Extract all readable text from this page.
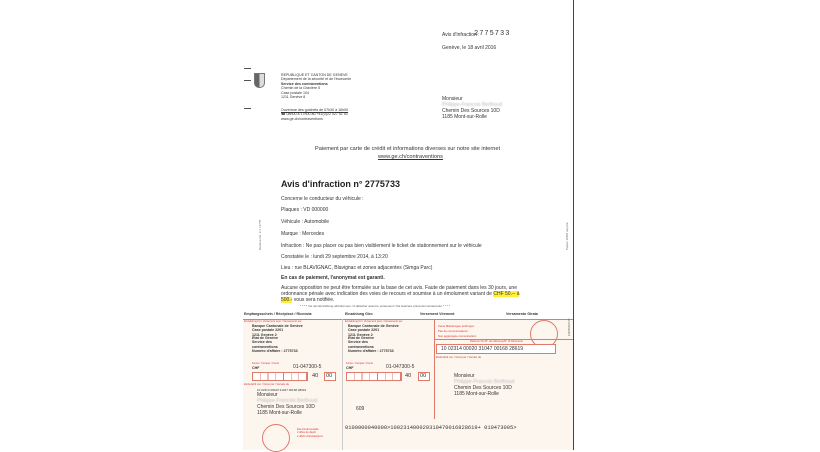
Avis d'infraction :
2775733
Genève, le 18 avril 2016
REPUBLIQUE ET CANTON DE GENEVE
Département de la sécurité et de l'économie
Service des contraventions
Chemin de la Gravière 5
Case postale 104
1211 Genève 8
Ouverture des guichets de 07h30 à 16h00
☎ 08h00 à 17h00 au +41(0)22 427 51 51
www.ge.ch/contraventions
Monsieur
Philippe-Francois Berthoud
Chemin Des Sources 10D
1185 Mont-sur-Rolle
Paiement par carte de crédit et informations diverses sur notre site internet
www.ge.ch/contraventions
Avis d'infraction n° 2775733
Concerne le conducteur du véhicule :
Plaques : VD 000000
Véhicule : Automobile
Marque : Mercedes
Infraction : Ne pas placer ou pas bien visiblement le ticket de stationnement sur le véhicule
Constatée le : lundi 29 septembre 2014, à 13:20
Lieu : rue BLAVIGNAC, Blavignac et zones adjacentes (Simga Parc)
En cas de paiement, l'anonymat est garanti.
Aucune opposition ne peut être formulée sur la base de cet avis. Faute de paiement dans les 30 jours, une
ordonnance pénale avec indication des voies de recours et soumise à un émolument variant de CHF 50.-- à
500.- vous sera notifiée.
Genève No. 2.1 / 2775	Papier 100% recyclé
* * * * Vor der Einzahlung abzutrennen / A détacher avant le versement / Da staccare prima del versamento * * * *
Empfangsschein / Récépissé / Ricevuta	Einzahlung Giro	Versement Virement	Versamento Girata
Einzahlung für / Versement pour / Versamento per
Banque Cantonale de Genève
Case postale 2201
1211 Genève 2
Etat de Genève
Service des
contraventions
Numéro d'affaire : 2775733
Konto / Compte / Conto
CHF	01-047300-5
40 00
Einbezahlt von / Versé par / Versato da
10 02314 00020 31047 00168 28619
Monsieur
Philippe-Francois Berthoud
Chemin Des Sources 10D
1185 Mont-sur-Rolle
Die Annahmestelle
L'office de dépôt
L'ufficio d'accettazione
Einzahlung für / Versement pour / Versamento per
Banque Cantonale de Genève
Case postale 2201
1211 Genève 2
Etat de Genève
Service des
contraventions
Numéro d'affaire : 2775733
Konto / Compte / Conto
CHF	01-047300-5
40 00
609
Keine Mitteilungen anbringen
Pas de communications
Non aggiungete comunicazioni	ESR/BVR/PVR
Referenz-Nr./N° de référence/N° di riferimento
10 02314 00020 31047 00168 28619
Einbezahlt von / Versé par / Versato da
Monsieur
Philippe-Francois Berthoud
Chemin Des Sources 10D
1185 Mont-sur-Rolle
0100000040000>100231400020310470016828619+ 010473005>
